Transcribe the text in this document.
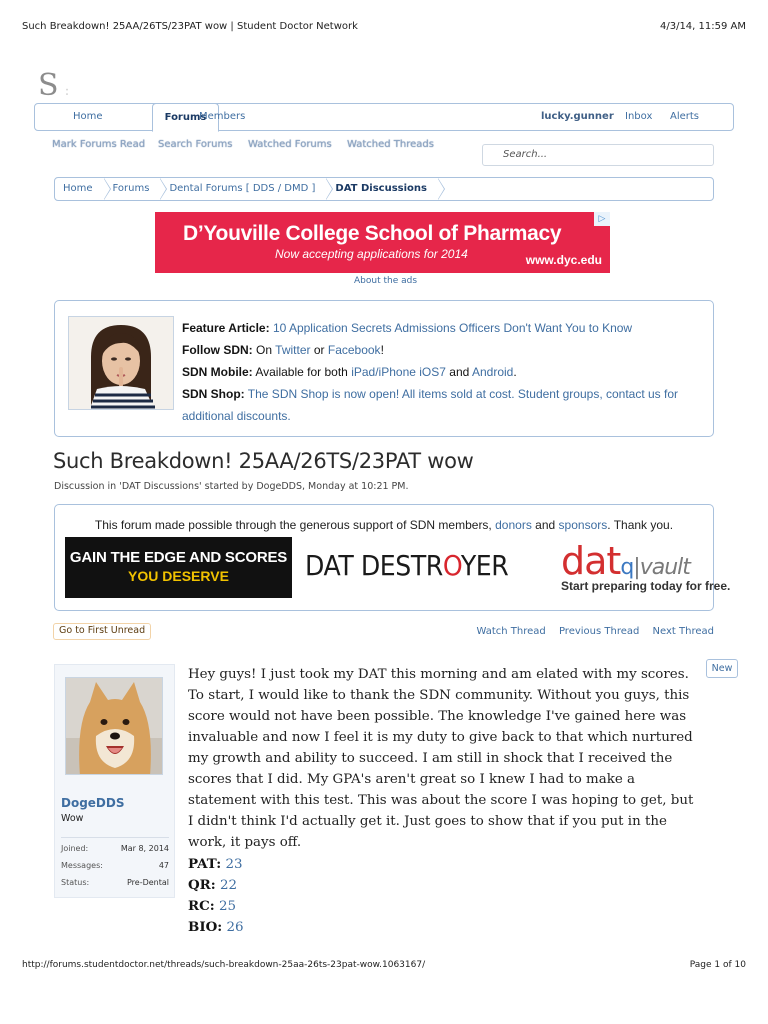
Such Breakdown! 25AA/26TS/23PAT wow | Student Doctor Network	4/3/14, 11:59 AM
S :
Home	Forums
Members	lucky.gunner Inbox Alerts
Mark Forums Read Search Forums Watched Forums Watched Threads
Search...
Home	Forums	Dental Forums [ DDS / DMD ]	DAT Discussions
D’Youville College School of Pharmacy
Now accepting applications for 2014	www.dyc.edu
▷
About the ads
Feature Article: 10 Application Secrets Admissions Officers Don't Want You to Know
Follow SDN: On Twitter or Facebook!
SDN Mobile: Available for both iPad/iPhone iOS7 and Android.
SDN Shop: The SDN Shop is now open! All items sold at cost. Student groups, contact us for additional discounts.
Such Breakdown! 25AA/26TS/23PAT wow
Discussion in 'DAT Discussions' started by DogeDDS, Monday at 10:21 PM.
This forum made possible through the generous support of SDN members, donors and sponsors. Thank you.
GAIN THE EDGE AND SCORES
YOU DESERVE	DAT DESTROYER datq|vault
Start preparing today for free.
Go to First Unread	Watch Thread Previous Thread Next Thread
DogeDDS
Wow
Joined:	Mar 8, 2014
Messages:	47
Status:	Pre-Dental
Hey guys! I just took my DAT this morning and am elated with my scores. To start, I would like to thank the SDN community. Without you guys, this score would not have been possible. The knowledge I've gained here was invaluable and now I feel it is my duty to give back to that which nurtured my growth and ability to succeed. I am still in shock that I received the scores that I did. My GPA's aren't great so I knew I had to make a statement with this test. This was about the score I was hoping to get, but I didn't think I'd actually get it. Just goes to show that if you put in the work, it pays off.
New
PAT: 23
QR: 22
RC: 25
BIO: 26
http://forums.studentdoctor.net/threads/such-breakdown-25aa-26ts-23pat-wow.1063167/	Page 1 of 10
